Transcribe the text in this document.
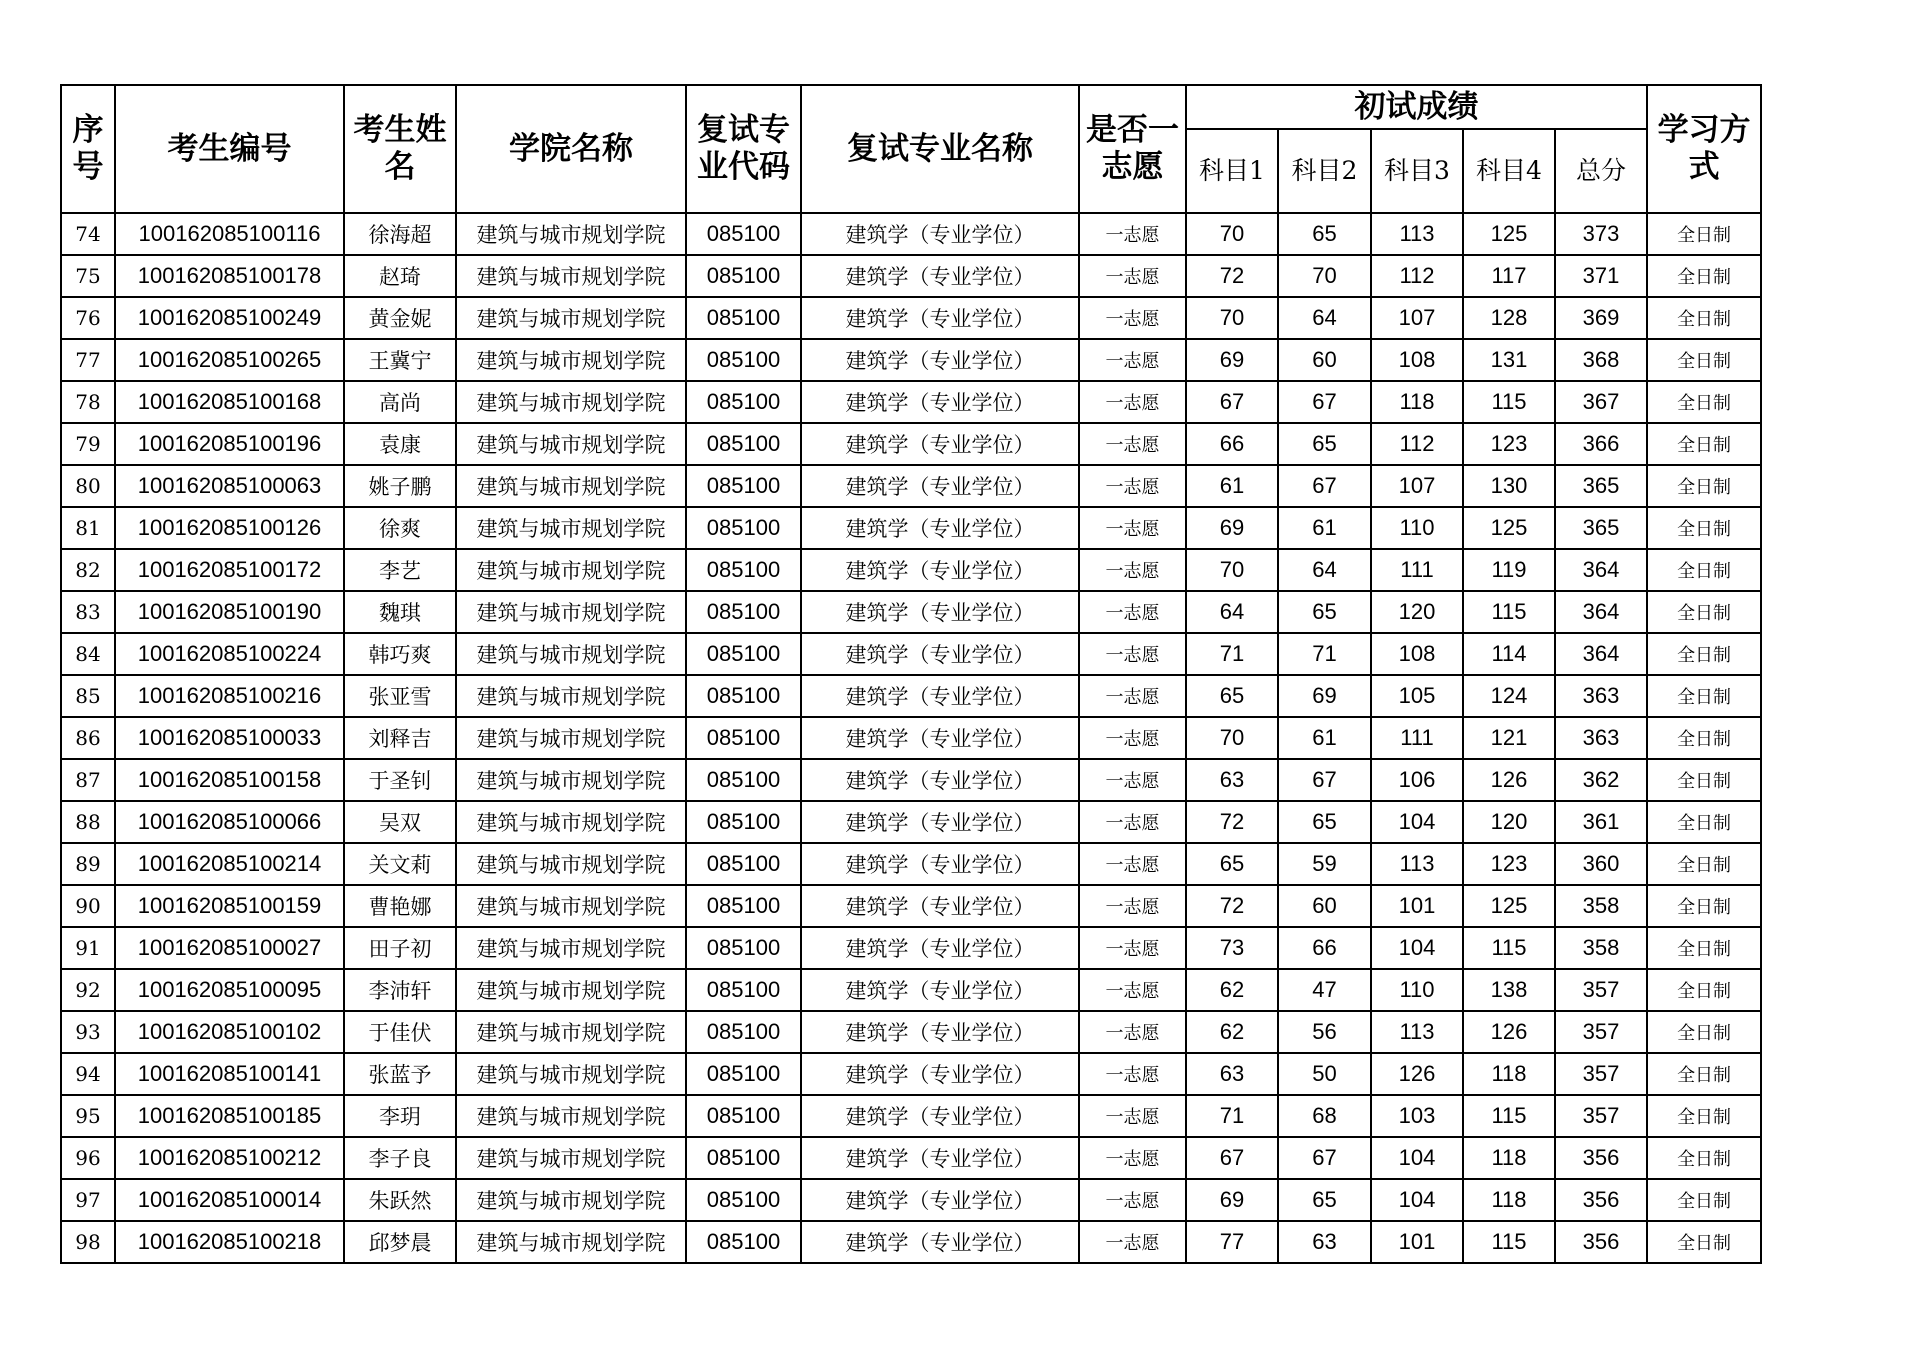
序号	考生编号	考生姓名	学院名称	复试专业代码	复试专业名称	是否一志愿	初试成绩					学习方式
							科目1	科目2	科目3	科目4	总分	
74	100162085100116	徐海超	建筑与城市规划学院	085100	建筑学（专业学位）	一志愿	70	65	113	125	373	全日制
75	100162085100178	赵琦	建筑与城市规划学院	085100	建筑学（专业学位）	一志愿	72	70	112	117	371	全日制
76	100162085100249	黄金妮	建筑与城市规划学院	085100	建筑学（专业学位）	一志愿	70	64	107	128	369	全日制
77	100162085100265	王冀宁	建筑与城市规划学院	085100	建筑学（专业学位）	一志愿	69	60	108	131	368	全日制
78	100162085100168	高尚	建筑与城市规划学院	085100	建筑学（专业学位）	一志愿	67	67	118	115	367	全日制
79	100162085100196	袁康	建筑与城市规划学院	085100	建筑学（专业学位）	一志愿	66	65	112	123	366	全日制
80	100162085100063	姚子鹏	建筑与城市规划学院	085100	建筑学（专业学位）	一志愿	61	67	107	130	365	全日制
81	100162085100126	徐爽	建筑与城市规划学院	085100	建筑学（专业学位）	一志愿	69	61	110	125	365	全日制
82	100162085100172	李艺	建筑与城市规划学院	085100	建筑学（专业学位）	一志愿	70	64	111	119	364	全日制
83	100162085100190	魏琪	建筑与城市规划学院	085100	建筑学（专业学位）	一志愿	64	65	120	115	364	全日制
84	100162085100224	韩巧爽	建筑与城市规划学院	085100	建筑学（专业学位）	一志愿	71	71	108	114	364	全日制
85	100162085100216	张亚雪	建筑与城市规划学院	085100	建筑学（专业学位）	一志愿	65	69	105	124	363	全日制
86	100162085100033	刘释吉	建筑与城市规划学院	085100	建筑学（专业学位）	一志愿	70	61	111	121	363	全日制
87	100162085100158	于圣钊	建筑与城市规划学院	085100	建筑学（专业学位）	一志愿	63	67	106	126	362	全日制
88	100162085100066	吴双	建筑与城市规划学院	085100	建筑学（专业学位）	一志愿	72	65	104	120	361	全日制
89	100162085100214	关文莉	建筑与城市规划学院	085100	建筑学（专业学位）	一志愿	65	59	113	123	360	全日制
90	100162085100159	曹艳娜	建筑与城市规划学院	085100	建筑学（专业学位）	一志愿	72	60	101	125	358	全日制
91	100162085100027	田子初	建筑与城市规划学院	085100	建筑学（专业学位）	一志愿	73	66	104	115	358	全日制
92	100162085100095	李沛轩	建筑与城市规划学院	085100	建筑学（专业学位）	一志愿	62	47	110	138	357	全日制
93	100162085100102	于佳伏	建筑与城市规划学院	085100	建筑学（专业学位）	一志愿	62	56	113	126	357	全日制
94	100162085100141	张蓝予	建筑与城市规划学院	085100	建筑学（专业学位）	一志愿	63	50	126	118	357	全日制
95	100162085100185	李玥	建筑与城市规划学院	085100	建筑学（专业学位）	一志愿	71	68	103	115	357	全日制
96	100162085100212	李子良	建筑与城市规划学院	085100	建筑学（专业学位）	一志愿	67	67	104	118	356	全日制
97	100162085100014	朱跃然	建筑与城市规划学院	085100	建筑学（专业学位）	一志愿	69	65	104	118	356	全日制
98	100162085100218	邱梦晨	建筑与城市规划学院	085100	建筑学（专业学位）	一志愿	77	63	101	115	356	全日制
